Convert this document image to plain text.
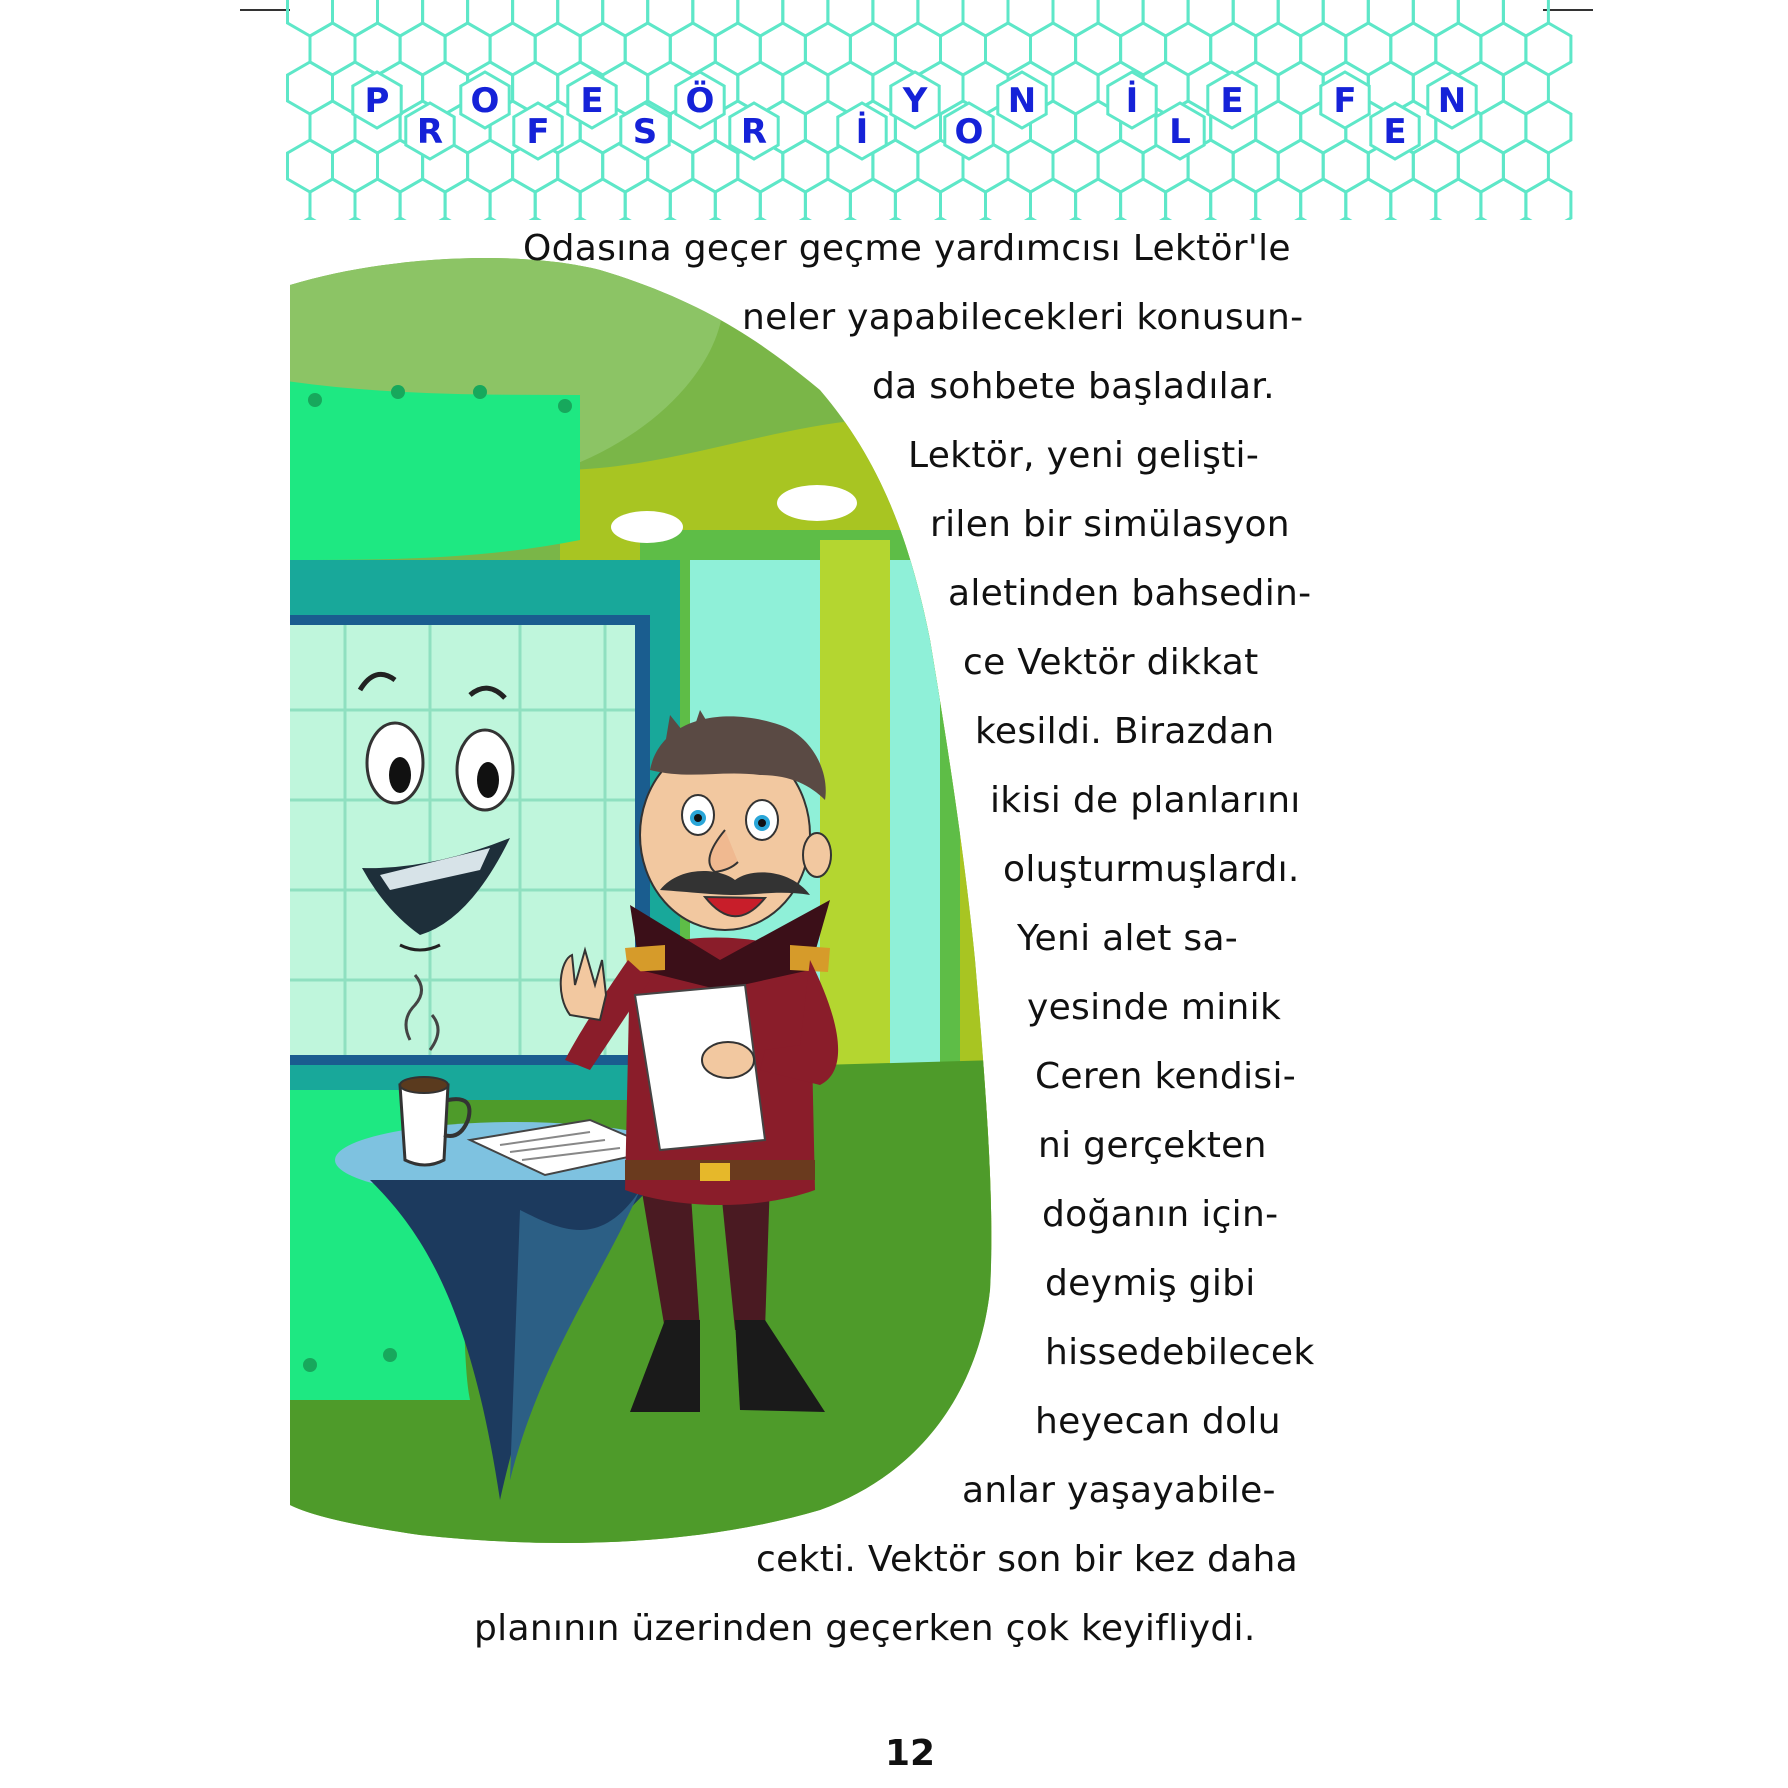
P O E Ö	Y N	İ E	F N
R F S R	İ	O	L	E
Odasına geçer geçme yardımcısı Lektör'le
neler yapabilecekleri konusun-
da sohbete başladılar.
Lektör, yeni gelişti-
rilen bir simülasyon
aletinden bahsedin-
ce Vektör dikkat
kesildi. Birazdan
ikisi de planlarını
oluşturmuşlardı.
Yeni alet sa-
yesinde minik
Ceren kendisi-
ni gerçekten
doğanın için-
deymiş gibi
hissedebilecek
heyecan dolu
anlar yaşayabile-
cekti. Vektör son bir kez daha
planının üzerinden geçerken çok keyifliydi.
12
